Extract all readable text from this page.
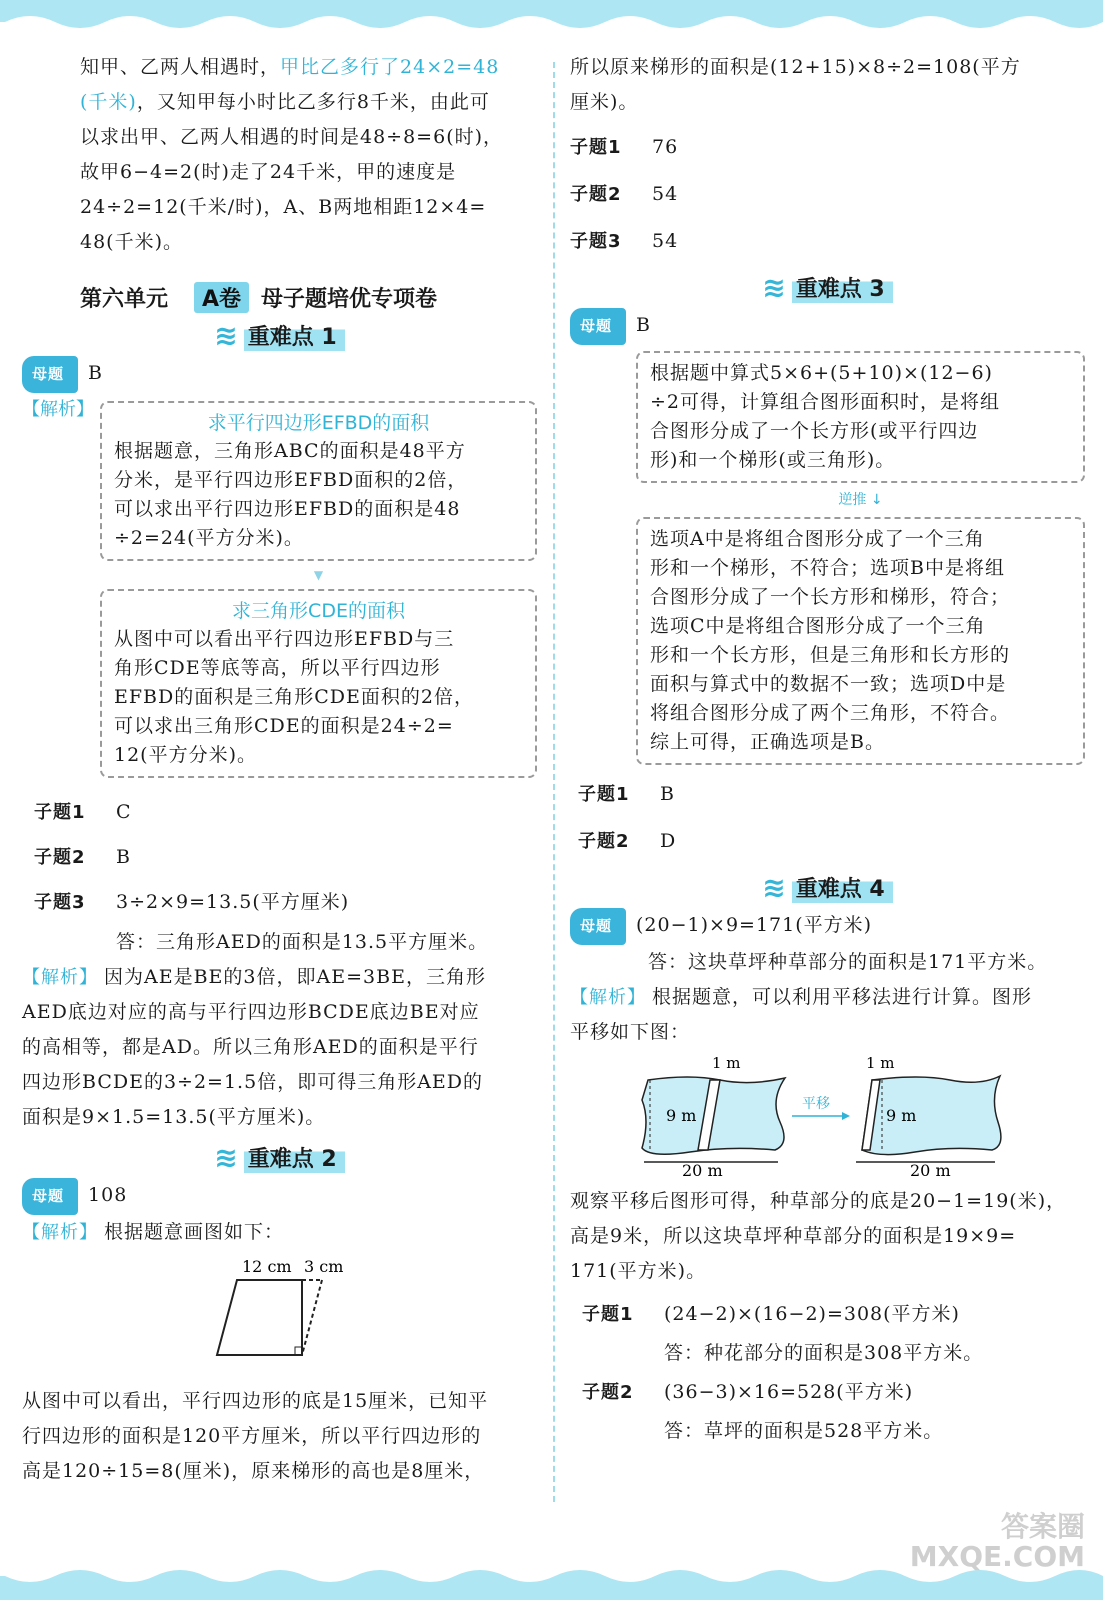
知甲、乙两人相遇时，甲比乙多行了24×2=48
(千米)，又知甲每小时比乙多行8千米，由此可
以求出甲、乙两人相遇的时间是48÷8=6(时)，
故甲6−4=2(时)走了24千米，甲的速度是
24÷2=12(千米/时)，A、B两地相距12×4=
48(千米)。
第六单元	A卷 母子题培优专项卷
≋ 重难点 1
母题	B
【解析】
求平行四边形EFBD的面积
根据题意，三角形ABC的面积是48平方
分米，是平行四边形EFBD面积的2倍，
可以求出平行四边形EFBD的面积是48
÷2=24(平方分米)。
▼
求三角形CDE的面积
从图中可以看出平行四边形EFBD与三
角形CDE等底等高，所以平行四边形
EFBD的面积是三角形CDE面积的2倍，
可以求出三角形CDE的面积是24÷2=
12(平方分米)。
子题1 C
子题2 B
子题3 3÷2×9=13.5(平方厘米)
答：三角形AED的面积是13.5平方厘米。
【解析】 因为AE是BE的3倍，即AE=3BE，三角形
AED底边对应的高与平行四边形BCDE底边BE对应
的高相等，都是AD。所以三角形AED的面积是平行
四边形BCDE的3÷2=1.5倍，即可得三角形AED的
面积是9×1.5=13.5(平方厘米)。
≋ 重难点 2
母题	108
【解析】 根据题意画图如下：
12 cm 3 cm
从图中可以看出，平行四边形的底是15厘米，已知平
行四边形的面积是120平方厘米，所以平行四边形的
高是120÷15=8(厘米)，原来梯形的高也是8厘米，
所以原来梯形的面积是(12+15)×8÷2=108(平方
厘米)。
子题1 76
子题2 54
子题3 54
≋ 重难点 3
母题	B
根据题中算式5×6+(5+10)×(12−6)
÷2可得，计算组合图形面积时，是将组
合图形分成了一个长方形(或平行四边
形)和一个梯形(或三角形)。
逆推 ↓
选项A中是将组合图形分成了一个三角
形和一个梯形，不符合；选项B中是将组
合图形分成了一个长方形和梯形，符合；
选项C中是将组合图形分成了一个三角
形和一个长方形，但是三角形和长方形的
面积与算式中的数据不一致；选项D中是
将组合图形分成了两个三角形，不符合。
综上可得，正确选项是B。
子题1 B
子题2 D
≋ 重难点 4
母题	(20−1)×9=171(平方米)
答：这块草坪种草部分的面积是171平方米。
【解析】 根据题意，可以利用平移法进行计算。图形
平移如下图：
9 m
1 m
20 m
平移
9 m
1 m
20 m
观察平移后图形可得，种草部分的底是20−1=19(米)，
高是9米，所以这块草坪种草部分的面积是19×9=
171(平方米)。
子题1 (24−2)×(16−2)=308(平方米)
答：种花部分的面积是308平方米。
子题2 (36−3)×16=528(平方米)
答：草坪的面积是528平方米。
答案圈
MXQE.COM
